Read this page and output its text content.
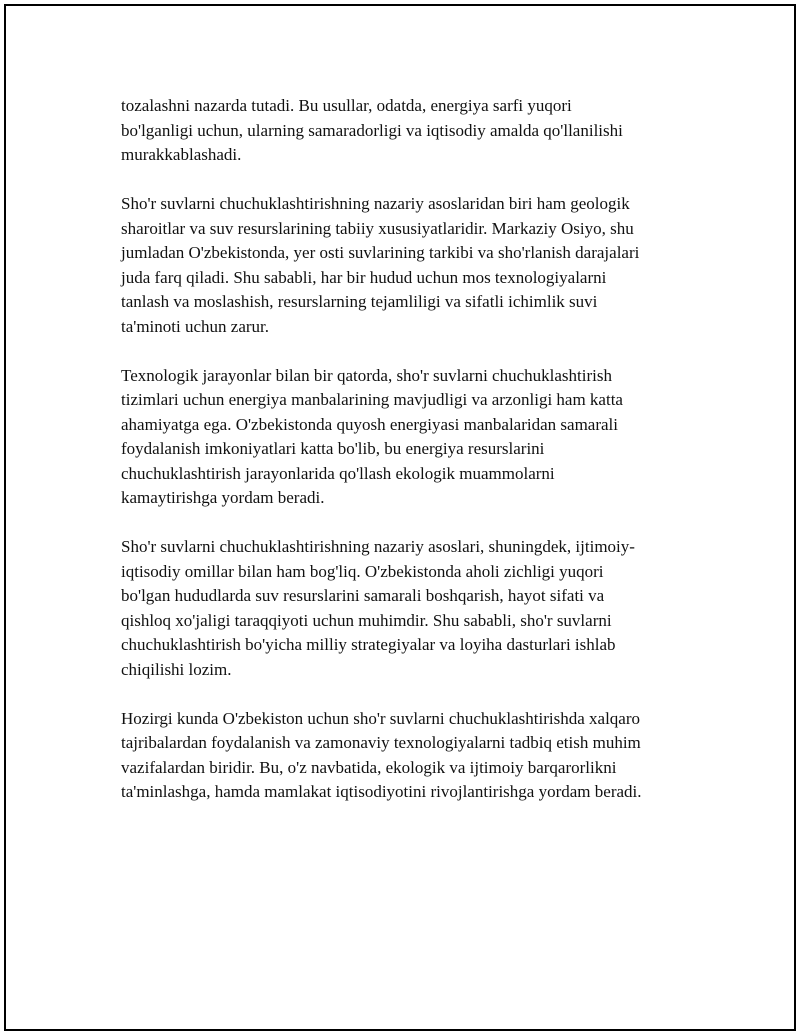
tozalashni nazarda tutadi. Bu usullar, odatda, energiya sarfi yuqori
bo'lganligi uchun, ularning samaradorligi va iqtisodiy amalda qo'llanilishi
murakkablashadi.

Sho'r suvlarni chuchuklashtirishning nazariy asoslaridan biri ham geologik
sharoitlar va suv resurslarining tabiiy xususiyatlaridir. Markaziy Osiyo, shu
jumladan O'zbekistonda, yer osti suvlarining tarkibi va sho'rlanish darajalari
juda farq qiladi. Shu sababli, har bir hudud uchun mos texnologiyalarni
tanlash va moslashish, resurslarning tejamliligi va sifatli ichimlik suvi
ta'minoti uchun zarur.

Texnologik jarayonlar bilan bir qatorda, sho'r suvlarni chuchuklashtirish
tizimlari uchun energiya manbalarining mavjudligi va arzonligi ham katta
ahamiyatga ega. O'zbekistonda quyosh energiyasi manbalaridan samarali
foydalanish imkoniyatlari katta bo'lib, bu energiya resurslarini
chuchuklashtirish jarayonlarida qo'llash ekologik muammolarni
kamaytirishga yordam beradi.

Sho'r suvlarni chuchuklashtirishning nazariy asoslari, shuningdek, ijtimoiy-
iqtisodiy omillar bilan ham bog'liq. O'zbekistonda aholi zichligi yuqori
bo'lgan hududlarda suv resurslarini samarali boshqarish, hayot sifati va
qishloq xo'jaligi taraqqiyoti uchun muhimdir. Shu sababli, sho'r suvlarni
chuchuklashtirish bo'yicha milliy strategiyalar va loyiha dasturlari ishlab
chiqilishi lozim.

Hozirgi kunda O'zbekiston uchun sho'r suvlarni chuchuklashtirishda xalqaro
tajribalardan foydalanish va zamonaviy texnologiyalarni tadbiq etish muhim
vazifalardan biridir. Bu, o'z navbatida, ekologik va ijtimoiy barqarorlikni
ta'minlashga, hamda mamlakat iqtisodiyotini rivojlantirishga yordam beradi.
